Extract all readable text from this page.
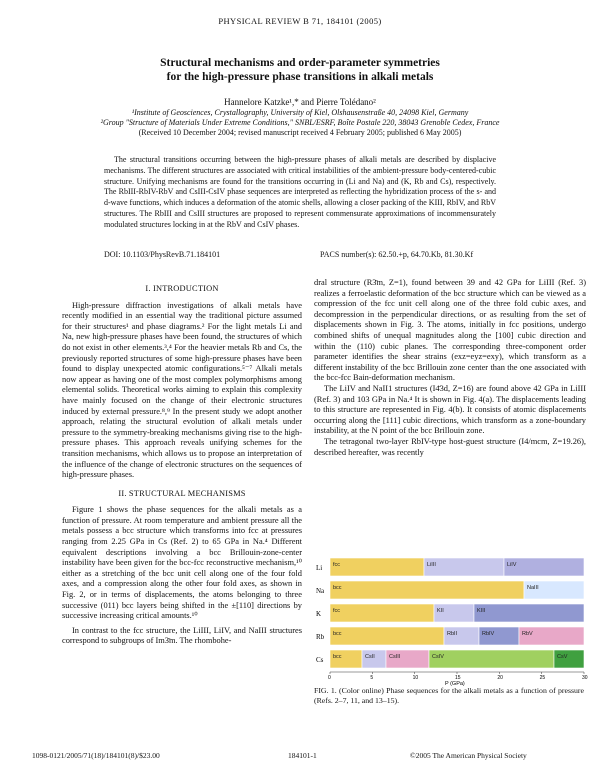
PHYSICAL REVIEW B 71, 184101 (2005)
Structural mechanisms and order-parameter symmetries
for the high-pressure phase transitions in alkali metals
Hannelore Katzke¹,* and Pierre Tolédano²
¹Institute of Geosciences, Crystallography, University of Kiel, Olshausenstraße 40, 24098 Kiel, Germany
²Group "Structure of Materials Under Extreme Conditions," SNBL/ESRF, Boîte Postale 220, 38043 Grenoble Cedex, France
(Received 10 December 2004; revised manuscript received 4 February 2005; published 6 May 2005)
The structural transitions occurring between the high-pressure phases of alkali metals are described by displacive mechanisms. The different structures are associated with critical instabilities of the ambient-pressure body-centered-cubic structure. Unifying mechanisms are found for the transitions occurring in (Li and Na) and (K, Rb and Cs), respectively. The RbIII-RbIV-RbV and CsIII-CsIV phase sequences are interpreted as reflecting the hybridization process of the s- and d-wave functions, which induces a deformation of the atomic shells, allowing a closer packing of the KIII, RbIV, and RbV structures. The RbIII and CsIII structures are proposed to represent commensurate approximations of incommensurately modulated structures locking in at the RbV and CsIV phases.
DOI: 10.1103/PhysRevB.71.184101	PACS number(s): 62.50.+p, 64.70.Kb, 81.30.Kf
I. INTRODUCTION

High-pressure diffraction investigations of alkali metals have recently modified in an essential way the traditional picture assumed for their structures¹ and phase diagrams.² For the light metals Li and Na, new high-pressure phases have been found, the structures of which do not exist in other elements.³,⁴ For the heavier metals Rb and Cs, the previously reported structures of some high-pressure phases have been found to display unexpected atomic configurations.⁵⁻⁷ Alkali metals now appear as having one of the most complex polymorphisms among elemental solids. Theoretical works aiming to explain this complexity have mainly focused on the change of their electronic structures induced by external pressure.⁸,⁹ In the present study we adopt another approach, relating the structural evolution of alkali metals under pressure to the symmetry-breaking mechanisms giving rise to the high-pressure phases. This approach reveals unifying schemes for the transition mechanisms, which allows us to propose an interpretation of the influence of the change of electronic structures on the sequences of high-pressure phases.

II. STRUCTURAL MECHANISMS

Figure 1 shows the phase sequences for the alkali metals as a function of pressure. At room temperature and ambient pressure all the metals possess a bcc structure which transforms into fcc at pressures ranging from 2.25 GPa in Cs (Ref. 2) to 65 GPa in Na.⁴ Different equivalent descriptions involving a bcc Brillouin-zone-center instability have been given for the bcc-fcc reconstructive mechanism,¹⁰ either as a stretching of the bcc unit cell along one of the four fold axes, and a compression along the other four fold axes, as shown in Fig. 2, or in terms of displacements, the atoms belonging to three successive (011) bcc layers being shifted in the ±[110] directions by successive increasing critical amounts.¹⁰

In contrast to the fcc structure, the LiIII, LiIV, and NaIII structures correspond to subgroups of Im3̄m. The rhombohe-

dral structure (R3̄m, Z=1), found between 39 and 42 GPa for LiIII (Ref. 3) realizes a ferroelastic deformation of the bcc structure which can be viewed as a compression of the fcc unit cell along one of the three fold cubic axes, and decompression in the perpendicular directions, or as resulting from the set of displacements shown in Fig. 3. The atoms, initially in fcc positions, undergo combined shifts of unequal magnitudes along the [100] cubic direction and within the (110) cubic planes. The corresponding three-component order parameter identifies the shear strains (exz=eyz=exy), which transform as a different instability of the bcc Brillouin zone center than the one associated with the bcc-fcc Bain-deformation mechanism.

The LiIV and NaII1 structures (I4̄3d, Z=16) are found above 42 GPa in LiIII (Ref. 3) and 103 GPa in Na.⁴ It is shown in Fig. 4(a). The displacements leading to this structure are represented in Fig. 4(b). It consists of atomic displacements occurring along the [111] cubic directions, which transform as a zone-boundary instability, at the N point of the bcc Brillouin zone.

The tetragonal two-layer RbIV-type host-guest structure (I4/mcm, Z=19.26), described hereafter, was recently

Li fcc	LiIII	LiIV
Na bcc	NaIII
K fcc	KII	KIII
Rb bcc	RbII	RbIV	RbV
Cs bcc	CsII	CsIII	CsIV	CsV
0	5	10	15	20	25	30
P (GPa)
FIG. 1. (Color online) Phase sequences for the alkali metals as a function of pressure (Refs. 2–7, 11, and 13–15).
1098-0121/2005/71(18)/184101(8)/$23.00	184101-1	©2005 The American Physical Society
